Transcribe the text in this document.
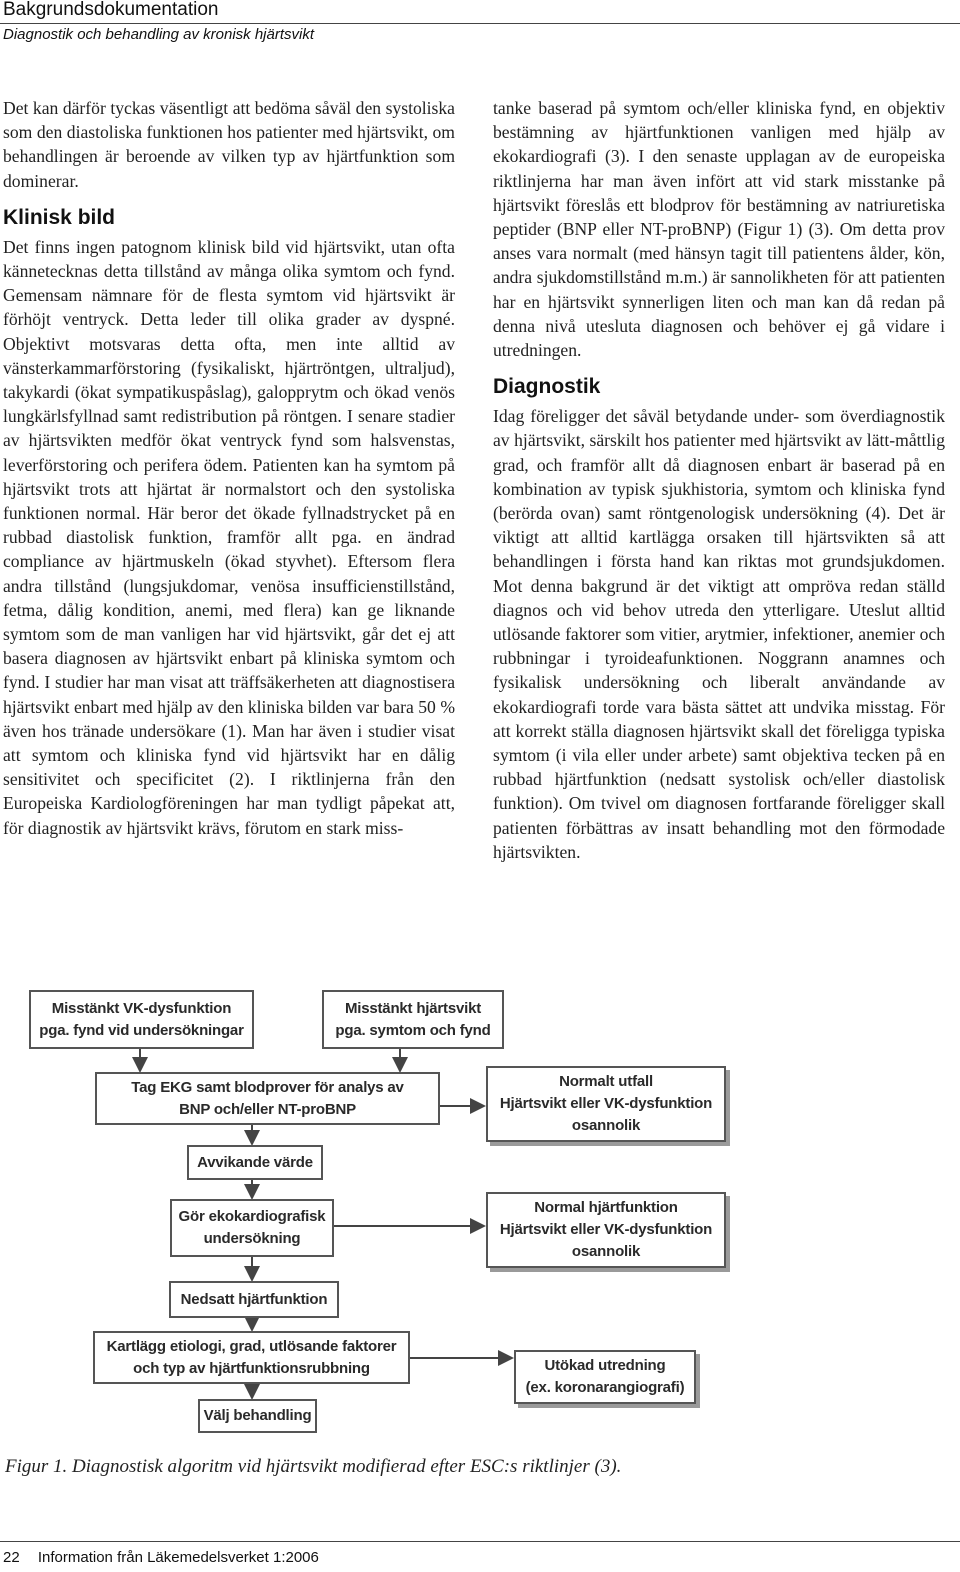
Bakgrundsdokumentation
Diagnostik och behandling av kronisk hjärtsvikt

Det kan därför tyckas väsentligt att bedöma såväl den systoliska som den diastoliska funktionen hos patienter med hjärtsvikt, om behandlingen är beroende av vilken typ av hjärtfunktion som dominerar.

Klinisk bild

Det finns ingen patognom klinisk bild vid hjärtsvikt, utan ofta kännetecknas detta tillstånd av många olika symtom och fynd. Gemensam nämnare för de flesta symtom vid hjärtsvikt är förhöjt ventryck. Detta leder till olika grader av dyspné. Objektivt motsvaras detta ofta, men inte alltid av vänsterkammarförstoring (fysikaliskt, hjärtröntgen, ultraljud), takykardi (ökat sympatikuspåslag), galopprytm och ökad venös lungkärlsfyllnad samt redistribution på röntgen. I senare stadier av hjärtsvikten medför ökat ventryck fynd som halsvenstas, leverförstoring och perifera ödem. Patienten kan ha symtom på hjärtsvikt trots att hjärtat är normalstort och den systoliska funktionen normal. Här beror det ökade fyllnadstrycket på en rubbad diastolisk funktion, framför allt pga. en ändrad compliance av hjärtmuskeln (ökad styvhet). Eftersom flera andra tillstånd (lungsjukdomar, venösa insufficienstillstånd, fetma, dålig kondition, anemi, med flera) kan ge liknande symtom som de man vanligen har vid hjärtsvikt, går det ej att basera diagnosen av hjärtsvikt enbart på kliniska symtom och fynd. I studier har man visat att träffsäkerheten att diagnostisera hjärtsvikt enbart med hjälp av den kliniska bilden var bara 50 % även hos tränade undersökare (1). Man har även i studier visat att symtom och kliniska fynd vid hjärtsvikt har en dålig sensitivitet och specificitet (2). I riktlinjerna från den Europeiska Kardiologföreningen har man tydligt påpekat att, för diagnostik av hjärtsvikt krävs, förutom en stark miss-

tanke baserad på symtom och/eller kliniska fynd, en objektiv bestämning av hjärtfunktionen vanligen med hjälp av ekokardiografi (3). I den senaste upplagan av de europeiska riktlinjerna har man även infört att vid stark misstanke på hjärtsvikt föreslås ett blodprov för bestämning av natriuretiska peptider (BNP eller NT-proBNP) (Figur 1) (3). Om detta prov anses vara normalt (med hänsyn tagit till patientens ålder, kön, andra sjukdomstillstånd m.m.) är sannolikheten för att patienten har en hjärtsvikt synnerligen liten och man kan då redan på denna nivå utesluta diagnosen och behöver ej gå vidare i utredningen.

Diagnostik

Idag föreligger det såväl betydande under- som överdiagnostik av hjärtsvikt, särskilt hos patienter med hjärtsvikt av lätt-måttlig grad, och framför allt då diagnosen enbart är baserad på en kombination av typisk sjukhistoria, symtom och kliniska fynd (berörda ovan) samt röntgenologisk undersökning (4). Det är viktigt att alltid kartlägga orsaken till hjärtsvikten så att behandlingen i första hand kan riktas mot grundsjukdomen. Mot denna bakgrund är det viktigt att ompröva redan ställd diagnos och vid behov utreda den ytterligare. Uteslut alltid utlösande faktorer som vitier, arytmier, infektioner, anemier och rubbningar i tyroideafunktionen. Noggrann anamnes och fysikalisk undersökning och liberalt användande av ekokardiografi torde vara bästa sättet att undvika misstag. För att korrekt ställa diagnosen hjärtsvikt skall det föreligga typiska symtom (i vila eller under arbete) samt objektiva tecken på en rubbad hjärtfunktion (nedsatt systolisk och/eller diastolisk funktion). Om tvivel om diagnosen fortfarande föreligger skall patienten förbättras av insatt behandling mot den förmodade hjärtsvikten.

Misstänkt VK-dysfunktion
pga. fynd vid undersökningar
Misstänkt hjärtsvikt
pga. symtom och fynd
Tag EKG samt blodprover för analys av
BNP och/eller NT-proBNP
Normalt utfall
Hjärtsvikt eller VK-dysfunktion
osannolik
Avvikande värde
Gör ekokardiografisk
undersökning
Normal hjärtfunktion
Hjärtsvikt eller VK-dysfunktion
osannolik
Nedsatt hjärtfunktion
Kartlägg etiologi, grad, utlösande faktorer
och typ av hjärtfunktionsrubbning	Utökad utredning
(ex. koronarangiografi)
Välj behandling
Figur 1. Diagnostisk algoritm vid hjärtsvikt modifierad efter ESC:s riktlinjer (3).
22 Information från Läkemedelsverket 1:2006
